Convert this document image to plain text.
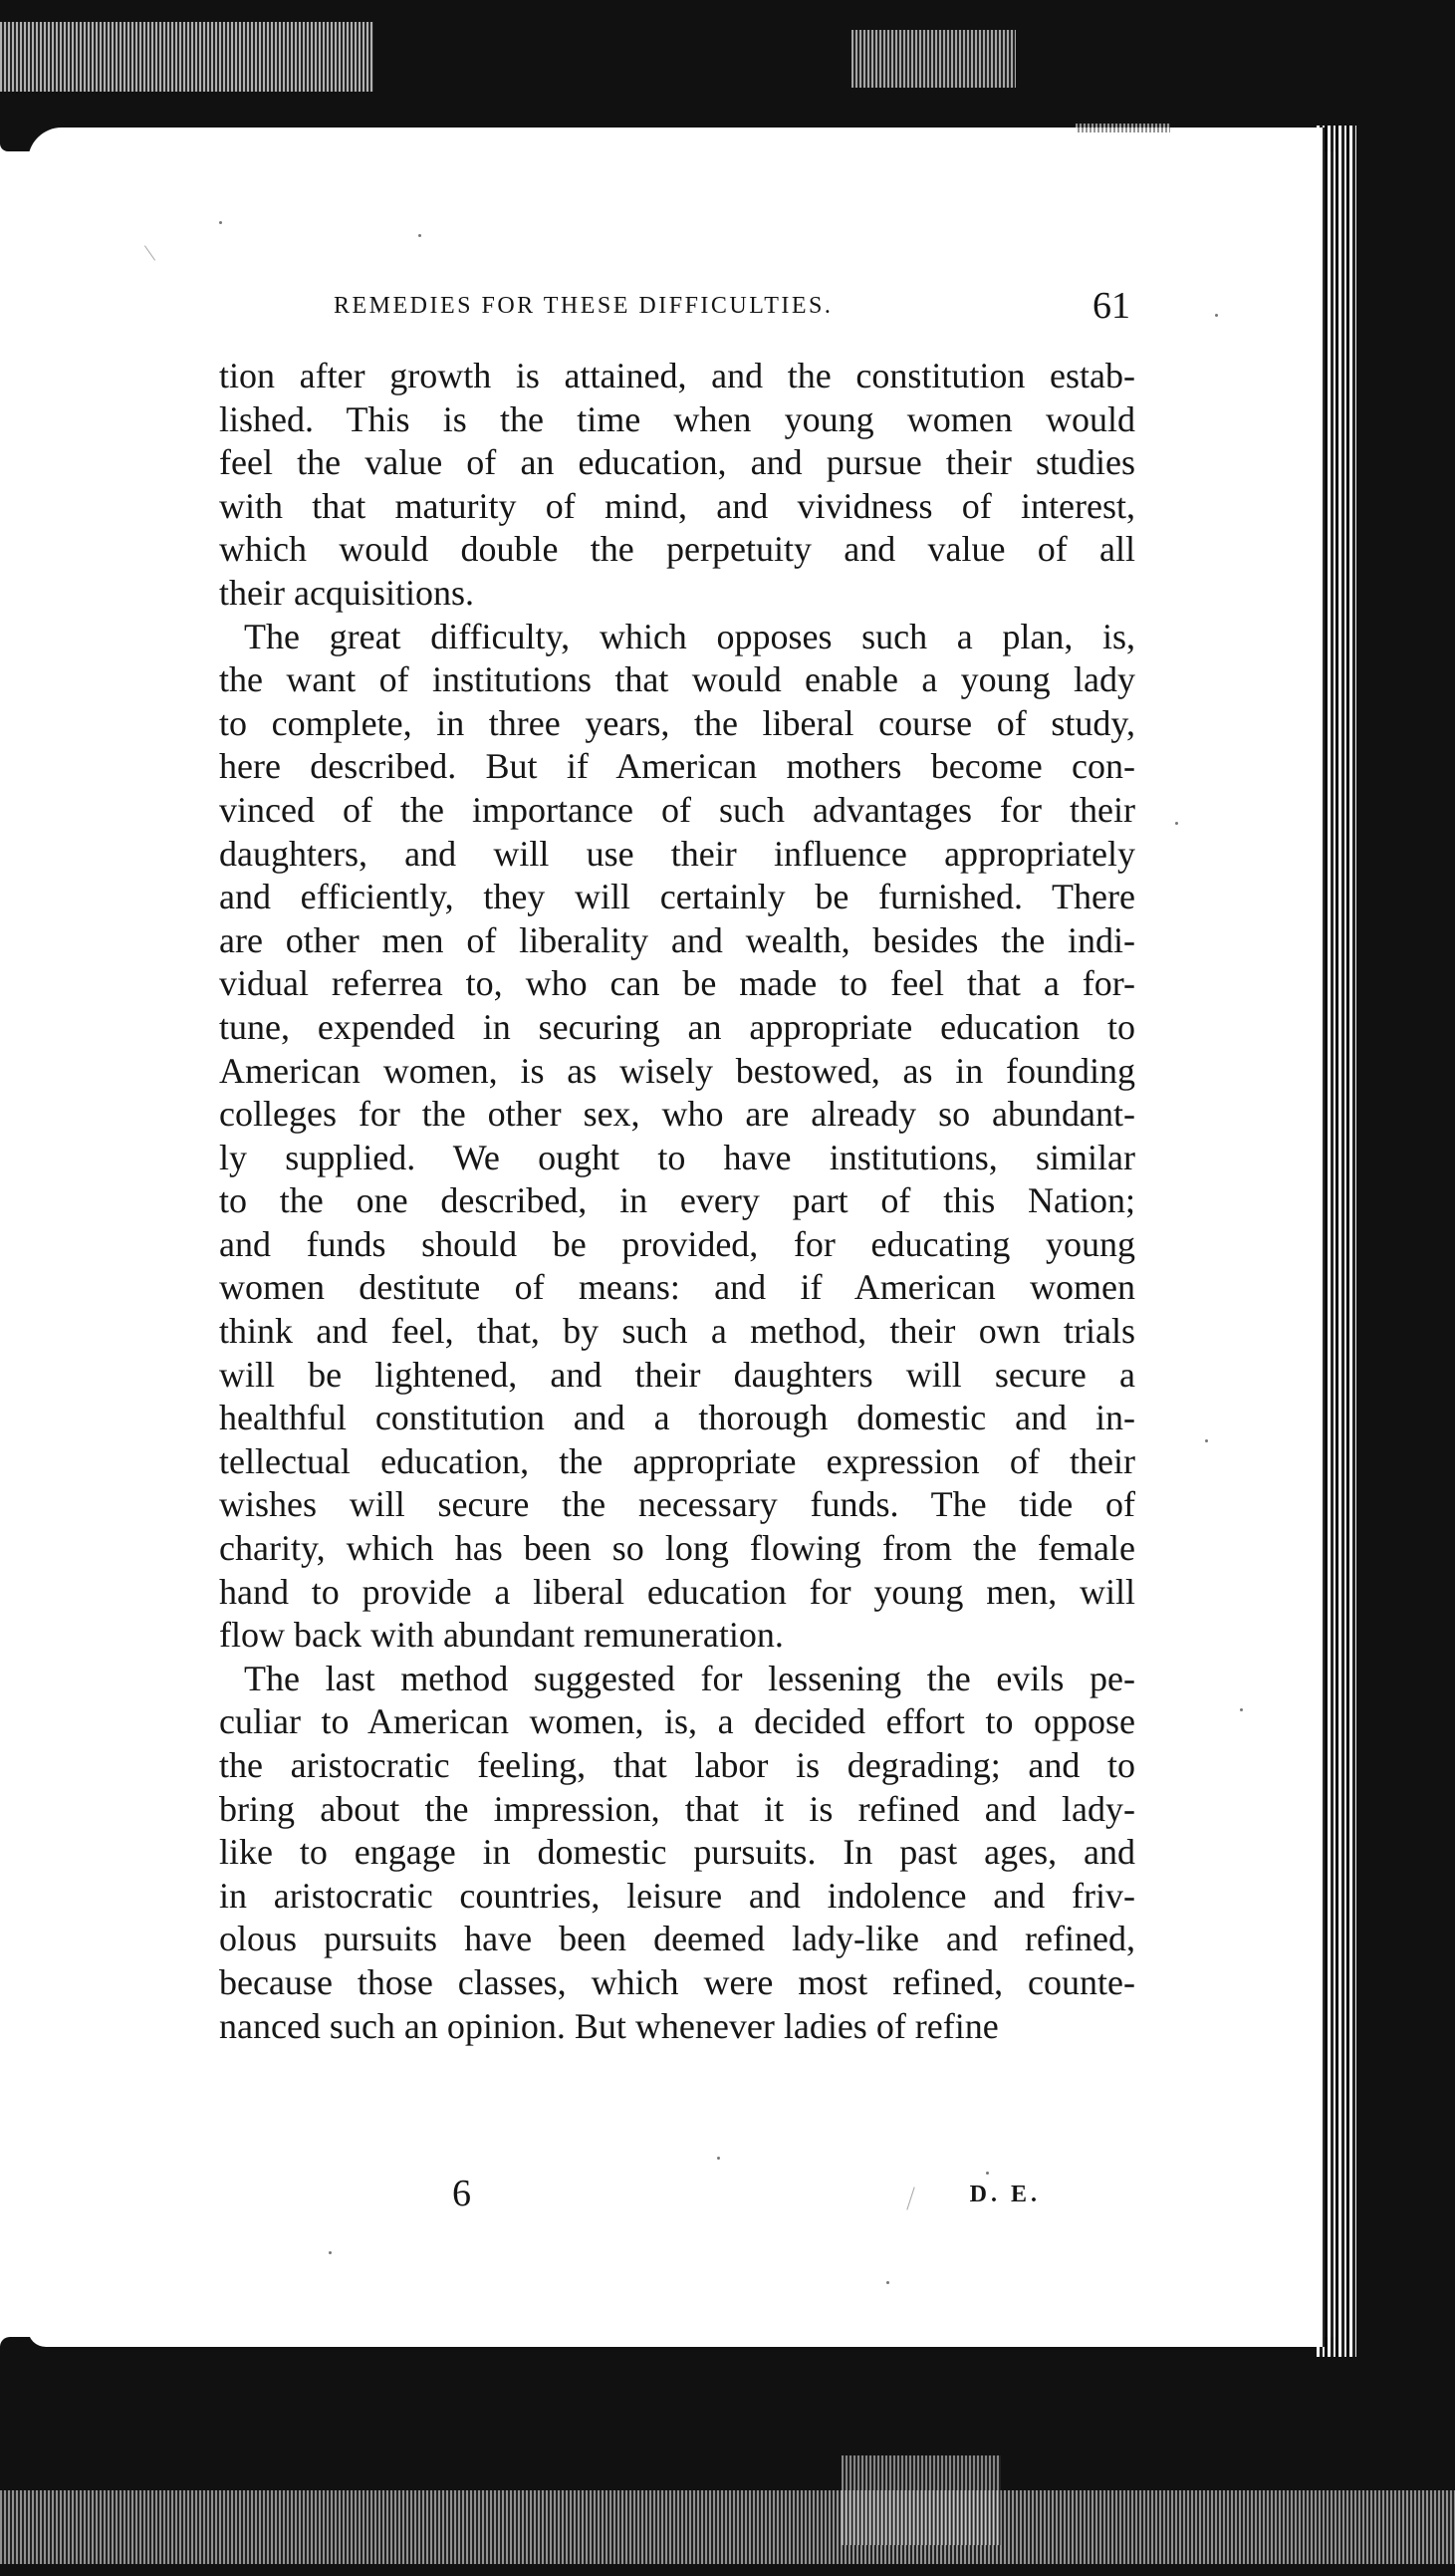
REMEDIES FOR THESE DIFFICULTIES.	61
tion after growth is attained, and the constitution estab-
lished. This is the time when young women would
feel the value of an education, and pursue their studies
with that maturity of mind, and vividness of interest,
which would double the perpetuity and value of all
their acquisitions.
The great difficulty, which opposes such a plan, is,
the want of institutions that would enable a young lady
to complete, in three years, the liberal course of study,
here described. But if American mothers become con-
vinced of the importance of such advantages for their
daughters, and will use their influence appropriately
and efficiently, they will certainly be furnished. There
are other men of liberality and wealth, besides the indi-
vidual referrea to, who can be made to feel that a for-
tune, expended in securing an appropriate education to
American women, is as wisely bestowed, as in founding
colleges for the other sex, who are already so abundant-
ly supplied. We ought to have institutions, similar
to the one described, in every part of this Nation;
and funds should be provided, for educating young
women destitute of means: and if American women
think and feel, that, by such a method, their own trials
will be lightened, and their daughters will secure a
healthful constitution and a thorough domestic and in-
tellectual education, the appropriate expression of their
wishes will secure the necessary funds. The tide of
charity, which has been so long flowing from the female
hand to provide a liberal education for young men, will
flow back with abundant remuneration.
The last method suggested for lessening the evils pe-
culiar to American women, is, a decided effort to oppose
the aristocratic feeling, that labor is degrading; and to
bring about the impression, that it is refined and lady-
like to engage in domestic pursuits. In past ages, and
in aristocratic countries, leisure and indolence and friv-
olous pursuits have been deemed lady-like and refined,
because those classes, which were most refined, counte-
nanced such an opinion. But whenever ladies of refine
6	D. E.
